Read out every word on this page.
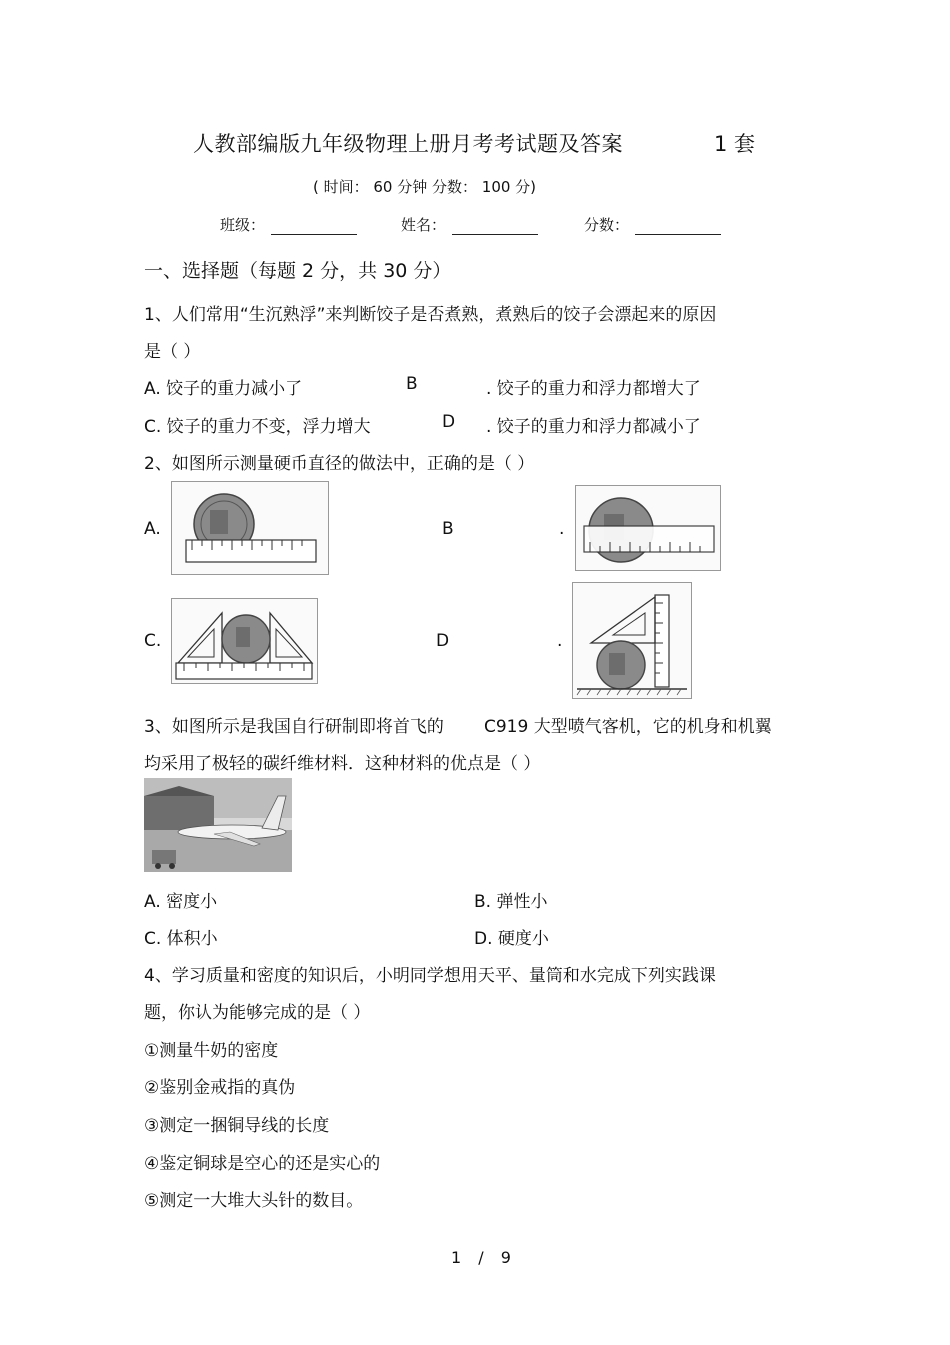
人教部编版九年级物理上册月考考试题及答案	1 套
( 时间： 60 分钟 分数： 100 分)
班级：	姓名：	分数：
一、选择题（每题 2 分，共 30 分）
1、人们常用“生沉熟浮”来判断饺子是否煮熟，煮熟后的饺子会漂起来的原因
是（ ）
A. 饺子的重力减小了	B	. 饺子的重力和浮力都增大了
C. 饺子的重力不变，浮力增大	D . 饺子的重力和浮力都减小了
2、如图所示测量硬币直径的做法中，正确的是（ ）
A.	B	.
C.	D	.
3、如图所示是我国自行研制即将首飞的 C919 大型喷气客机，它的机身和机翼
均采用了极轻的碳纤维材料．这种材料的优点是（ ）
A. 密度小	B. 弹性小
C. 体积小	D. 硬度小
4、学习质量和密度的知识后，小明同学想用天平、量筒和水完成下列实践课
题，你认为能够完成的是（ ）
①测量牛奶的密度
②鉴别金戒指的真伪
③测定一捆铜导线的长度
④鉴定铜球是空心的还是实心的
⑤测定一大堆大头针的数目。
1 / 9
